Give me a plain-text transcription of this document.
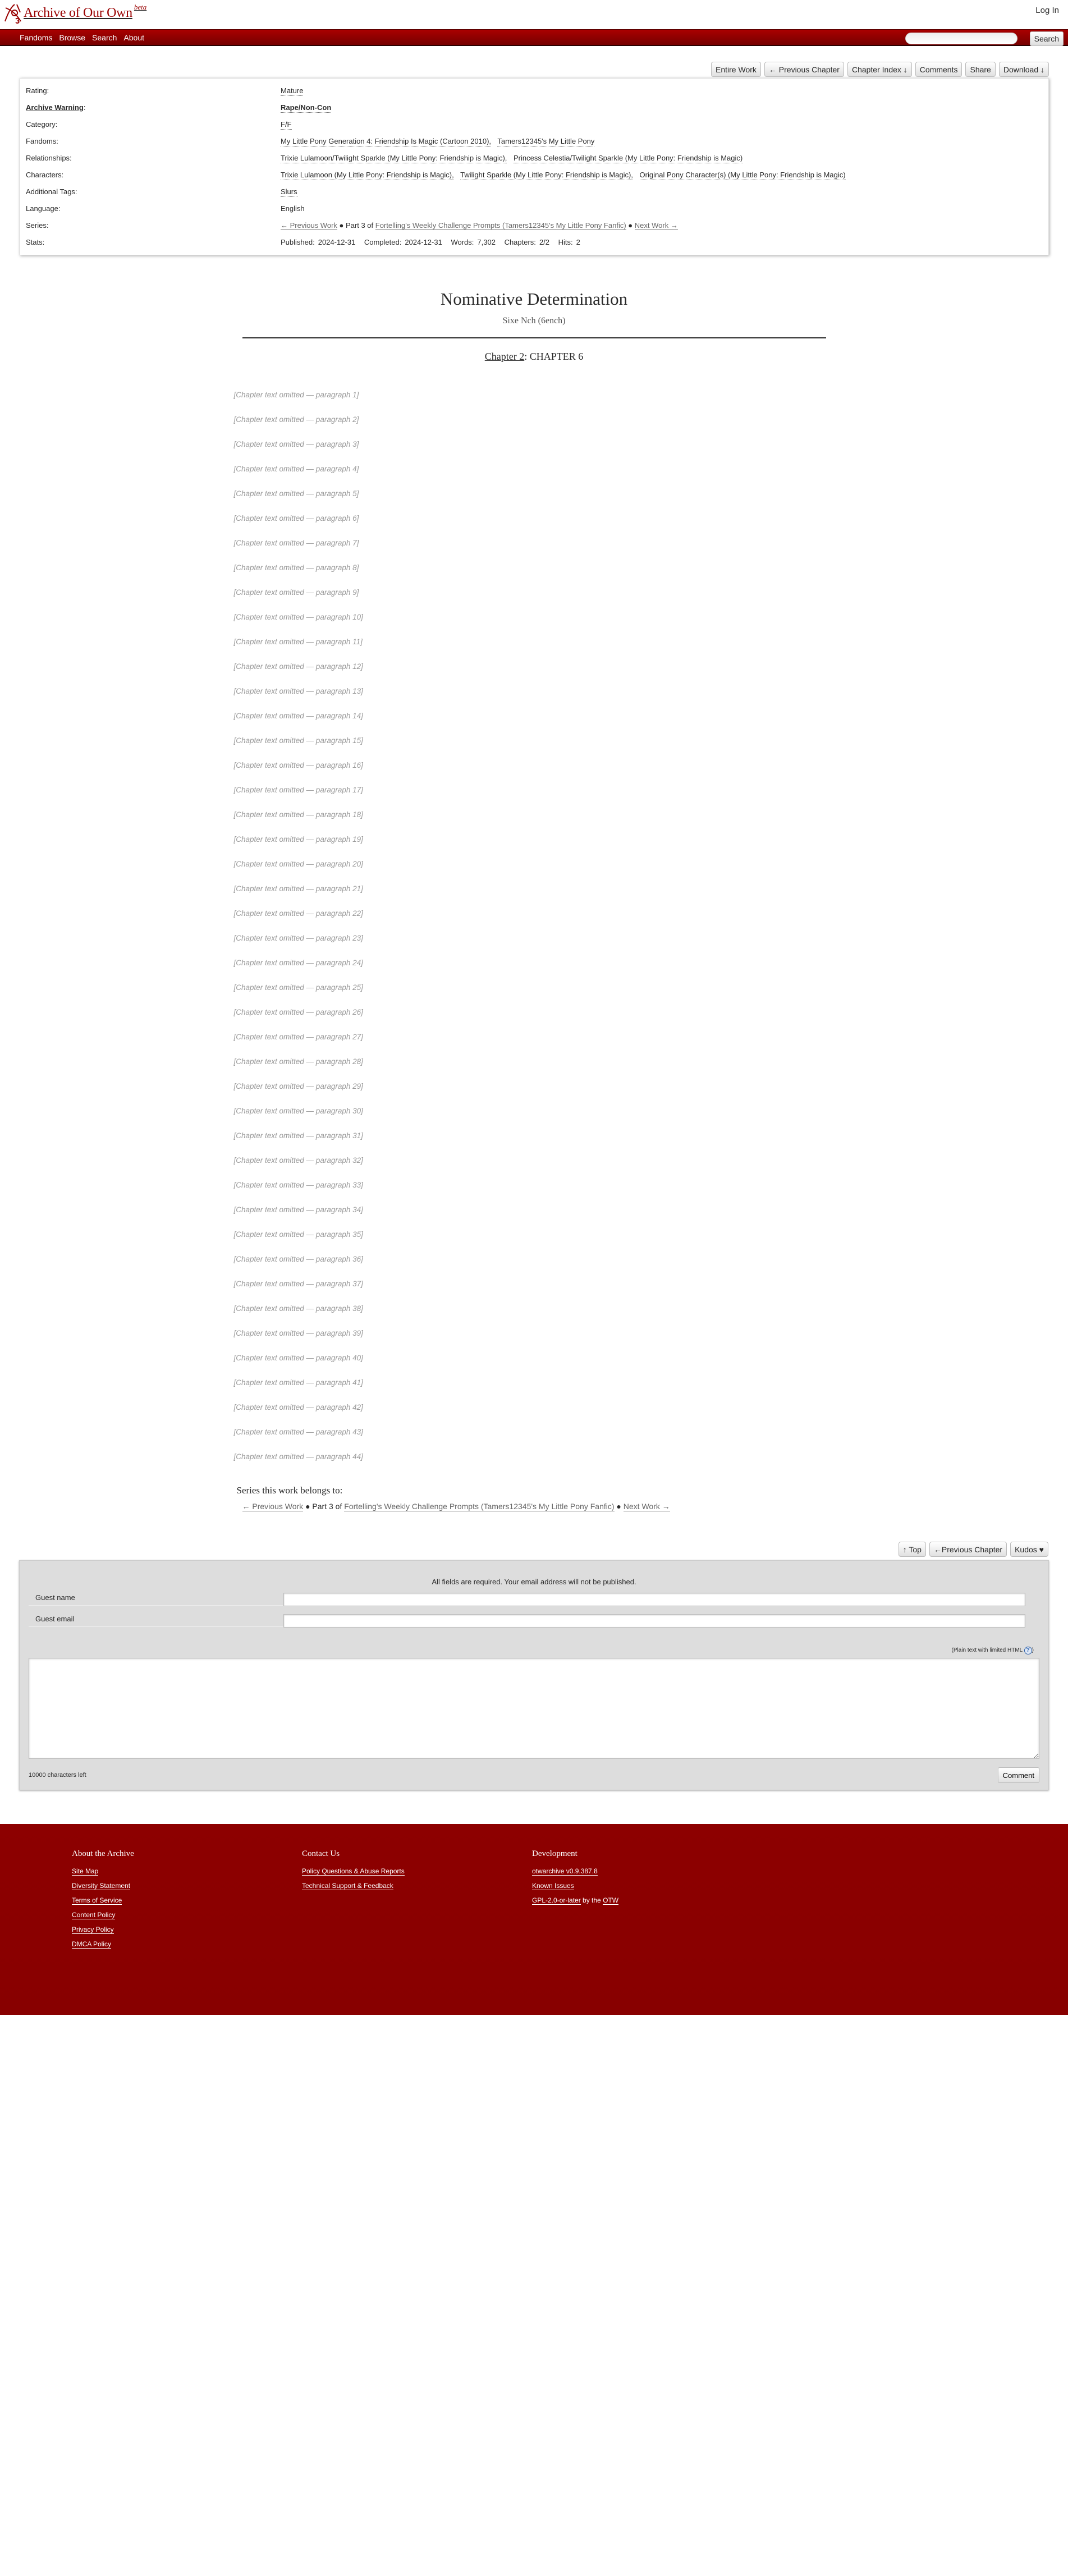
Archive of Our Own beta	Log In
Fandoms Browse Search About	Search
Entire Work	← Previous Chapter	Chapter Index ↓	Comments	Share	Download ↓
Rating:	Mature
Archive Warning:	Rape/Non-Con
Category:	F/F
Fandoms:	My Little Pony Generation 4: Friendship Is Magic (Cartoon 2010), Tamers12345's My Little Pony
Relationships:	Trixie Lulamoon/Twilight Sparkle (My Little Pony: Friendship is Magic), Princess Celestia/Twilight Sparkle (My Little Pony: Friendship is Magic)
Characters:	Trixie Lulamoon (My Little Pony: Friendship is Magic), Twilight Sparkle (My Little Pony: Friendship is Magic), Original Pony Character(s) (My Little Pony: Friendship is Magic)
Additional Tags:	Slurs
Language:	English
Series:	← Previous Work ● Part 3 of Fortelling's Weekly Challenge Prompts (Tamers12345's My Little Pony Fanfic) ● Next Work →
Stats:	Published: 2024-12-31 Completed: 2024-12-31 Words: 7,302 Chapters: 2/2 Hits: 2
Nominative Determination
Sixe Nch (6ench)
Chapter 2: CHAPTER 6

[Chapter text omitted — paragraph 1]

[Chapter text omitted — paragraph 2]

[Chapter text omitted — paragraph 3]

[Chapter text omitted — paragraph 4]

[Chapter text omitted — paragraph 5]

[Chapter text omitted — paragraph 6]

[Chapter text omitted — paragraph 7]

[Chapter text omitted — paragraph 8]

[Chapter text omitted — paragraph 9]

[Chapter text omitted — paragraph 10]

[Chapter text omitted — paragraph 11]

[Chapter text omitted — paragraph 12]

[Chapter text omitted — paragraph 13]

[Chapter text omitted — paragraph 14]

[Chapter text omitted — paragraph 15]

[Chapter text omitted — paragraph 16]

[Chapter text omitted — paragraph 17]

[Chapter text omitted — paragraph 18]

[Chapter text omitted — paragraph 19]

[Chapter text omitted — paragraph 20]

[Chapter text omitted — paragraph 21]

[Chapter text omitted — paragraph 22]

[Chapter text omitted — paragraph 23]

[Chapter text omitted — paragraph 24]

[Chapter text omitted — paragraph 25]

[Chapter text omitted — paragraph 26]

[Chapter text omitted — paragraph 27]

[Chapter text omitted — paragraph 28]

[Chapter text omitted — paragraph 29]

[Chapter text omitted — paragraph 30]

[Chapter text omitted — paragraph 31]

[Chapter text omitted — paragraph 32]

[Chapter text omitted — paragraph 33]

[Chapter text omitted — paragraph 34]

[Chapter text omitted — paragraph 35]

[Chapter text omitted — paragraph 36]

[Chapter text omitted — paragraph 37]

[Chapter text omitted — paragraph 38]

[Chapter text omitted — paragraph 39]

[Chapter text omitted — paragraph 40]

[Chapter text omitted — paragraph 41]

[Chapter text omitted — paragraph 42]

[Chapter text omitted — paragraph 43]

[Chapter text omitted — paragraph 44]

Series this work belongs to:
← Previous Work ● Part 3 of Fortelling's Weekly Challenge Prompts (Tamers12345's My Little Pony Fanfic) ● Next Work →
↑ Top	←Previous Chapter	Kudos ♥
All fields are required. Your email address will not be published.
Guest name
Guest email
(Plain text with limited HTML ? )
10000 characters left	Comment
About the Archive
Site Map
Diversity Statement
Terms of Service
Content Policy
Privacy Policy
DMCA Policy
Contact Us
Policy Questions & Abuse Reports
Technical Support & Feedback
Development
otwarchive v0.9.387.8
Known Issues
GPL-2.0-or-later by the OTW
